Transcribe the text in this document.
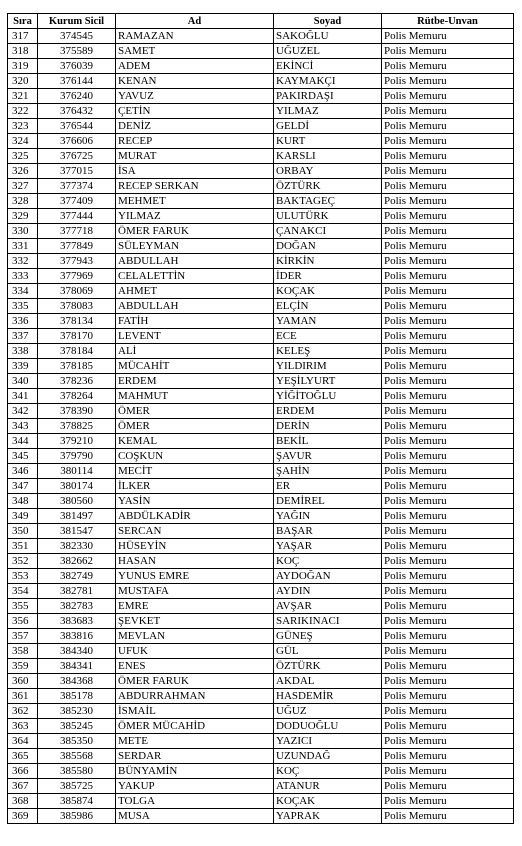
Sıra	Kurum Sicil	Ad	Soyad	Rütbe-Unvan
317	374545	RAMAZAN	SAKOĞLU	Polis Memuru
318	375589	SAMET	UĞUZEL	Polis Memuru
319	376039	ADEM	EKİNCİ	Polis Memuru
320	376144	KENAN	KAYMAKÇI	Polis Memuru
321	376240	YAVUZ	PAKIRDAŞI	Polis Memuru
322	376432	ÇETİN	YILMAZ	Polis Memuru
323	376544	DENİZ	GELDİ	Polis Memuru
324	376606	RECEP	KURT	Polis Memuru
325	376725	MURAT	KARSLI	Polis Memuru
326	377015	İSA	ORBAY	Polis Memuru
327	377374	RECEP SERKAN	ÖZTÜRK	Polis Memuru
328	377409	MEHMET	BAKTAGEÇ	Polis Memuru
329	377444	YILMAZ	ULUTÜRK	Polis Memuru
330	377718	ÖMER FARUK	ÇANAKCI	Polis Memuru
331	377849	SÜLEYMAN	DOĞAN	Polis Memuru
332	377943	ABDULLAH	KİRKİN	Polis Memuru
333	377969	CELALETTİN	İDER	Polis Memuru
334	378069	AHMET	KOÇAK	Polis Memuru
335	378083	ABDULLAH	ELÇİN	Polis Memuru
336	378134	FATİH	YAMAN	Polis Memuru
337	378170	LEVENT	ECE	Polis Memuru
338	378184	ALİ	KELEŞ	Polis Memuru
339	378185	MÜCAHİT	YILDIRIM	Polis Memuru
340	378236	ERDEM	YEŞİLYURT	Polis Memuru
341	378264	MAHMUT	YİĞİTOĞLU	Polis Memuru
342	378390	ÖMER	ERDEM	Polis Memuru
343	378825	ÖMER	DERİN	Polis Memuru
344	379210	KEMAL	BEKİL	Polis Memuru
345	379790	COŞKUN	ŞAVUR	Polis Memuru
346	380114	MECİT	ŞAHİN	Polis Memuru
347	380174	İLKER	ER	Polis Memuru
348	380560	YASİN	DEMİREL	Polis Memuru
349	381497	ABDÜLKADİR	YAĞIN	Polis Memuru
350	381547	SERCAN	BAŞAR	Polis Memuru
351	382330	HÜSEYİN	YAŞAR	Polis Memuru
352	382662	HASAN	KOÇ	Polis Memuru
353	382749	YUNUS EMRE	AYDOĞAN	Polis Memuru
354	382781	MUSTAFA	AYDIN	Polis Memuru
355	382783	EMRE	AVŞAR	Polis Memuru
356	383683	ŞEVKET	SARIKINACI	Polis Memuru
357	383816	MEVLAN	GÜNEŞ	Polis Memuru
358	384340	UFUK	GÜL	Polis Memuru
359	384341	ENES	ÖZTÜRK	Polis Memuru
360	384368	ÖMER FARUK	AKDAL	Polis Memuru
361	385178	ABDURRAHMAN	HASDEMİR	Polis Memuru
362	385230	İSMAİL	UĞUZ	Polis Memuru
363	385245	ÖMER MÜCAHİD	DODUOĞLU	Polis Memuru
364	385350	METE	YAZICI	Polis Memuru
365	385568	SERDAR	UZUNDAĞ	Polis Memuru
366	385580	BÜNYAMİN	KOÇ	Polis Memuru
367	385725	YAKUP	ATANUR	Polis Memuru
368	385874	TOLGA	KOÇAK	Polis Memuru
369	385986	MUSA	YAPRAK	Polis Memuru
